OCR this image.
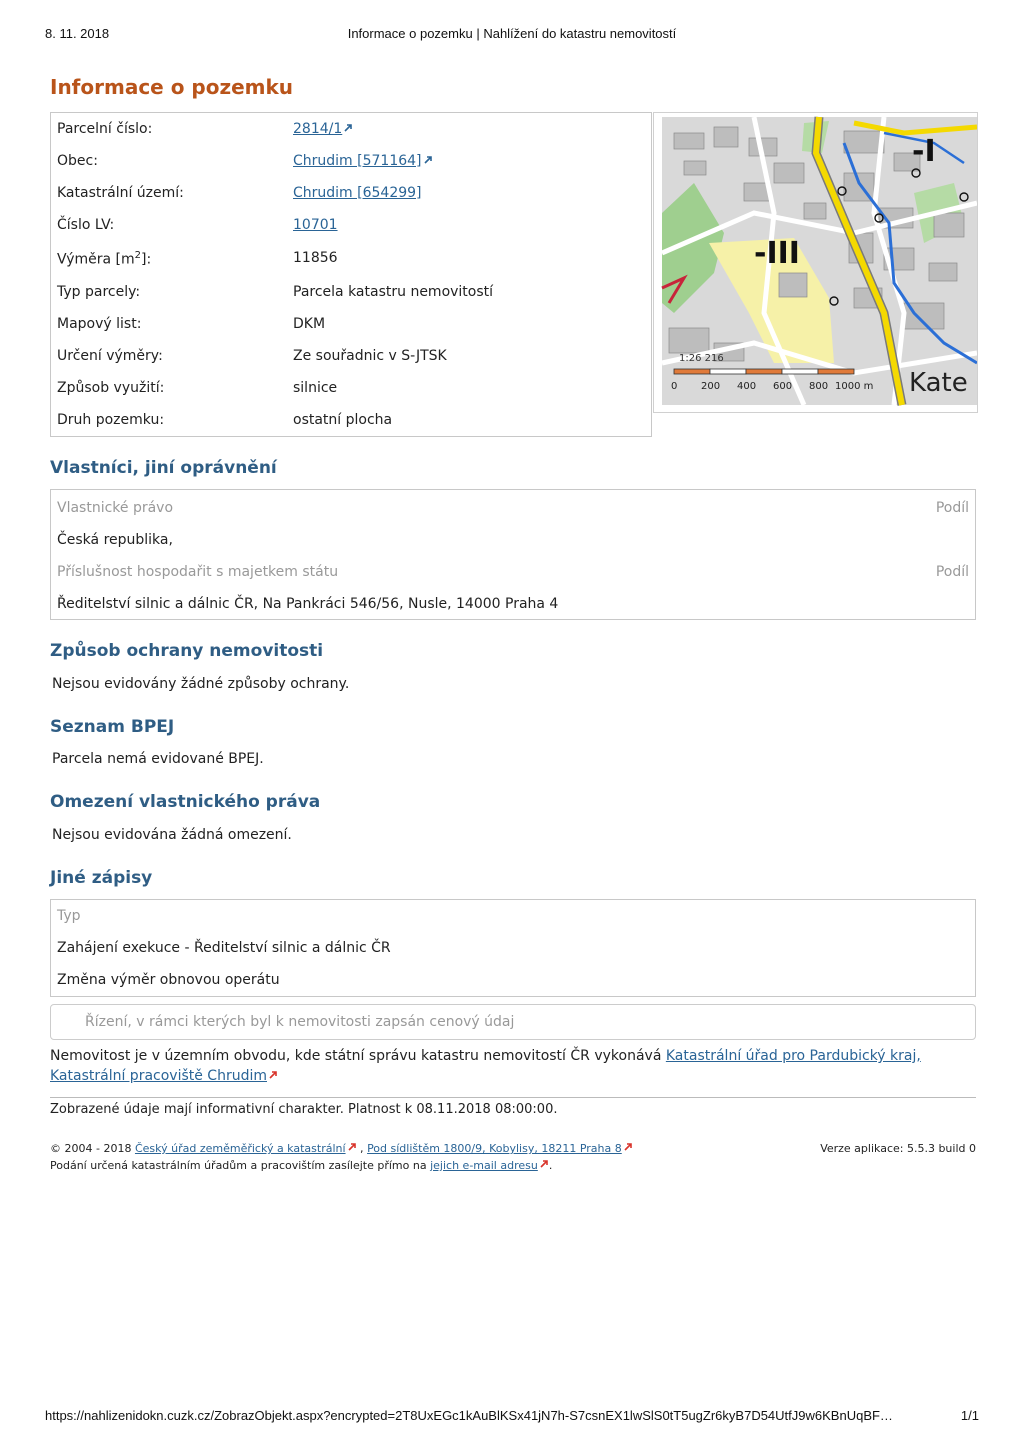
8. 11. 2018	Informace o pozemku | Nahlížení do katastru nemovitostí
Informace o pozemku
Parcelní číslo:	2814/1
Obec:	Chrudim [571164]
Katastrální území:	Chrudim [654299]
Číslo LV:	10701
Výměra $[m^2]$:	11856
Typ parcely:	Parcela katastru nemovitostí
Mapový list:	DKM
Určení výměry:	Ze souřadnic v S-JTSK
Způsob využití:	silnice
Druh pozemku:	ostatní plocha
-I
-III
Kate
1:26 216
0 200 400 600 800 1000 m
Vlastníci, jiní oprávnění
Vlastnické právo	Podíl
Česká republika,
Příslušnost hospodařit s majetkem státu	Podíl
Ředitelství silnic a dálnic ČR, Na Pankráci 546/56, Nusle, 14000 Praha 4
Způsob ochrany nemovitosti
Nejsou evidovány žádné způsoby ochrany.
Seznam BPEJ
Parcela nemá evidované BPEJ.
Omezení vlastnického práva
Nejsou evidována žádná omezení.
Jiné zápisy
Typ
Zahájení exekuce - Ředitelství silnic a dálnic ČR
Změna výměr obnovou operátu
Řízení, v rámci kterých byl k nemovitosti zapsán cenový údaj
Nemovitost je v územním obvodu, kde státní správu katastru nemovitostí ČR vykonává Katastrální úřad pro Pardubický kraj, Katastrální pracoviště Chrudim
Zobrazené údaje mají informativní charakter. Platnost k 08.11.2018 08:00:00.
© 2004 - 2018 Český úřad zeměměřický a katastrální
, Pod sídlištěm 1800/9, Kobylisy, 18211 Praha 8	Verze aplikace: 5.5.3 build 0
Podání určená katastrálním úřadům a pracovištím zasílejte přímo na jejich e-mail adresu .
https://nahlizenidokn.cuzk.cz/ZobrazObjekt.aspx?encrypted=2T8UxEGc1kAuBlKSx41jN7h-S7csnEX1lwSlS0tT5ugZr6kyB7D54UtfJ9w6KBnUqBF…	1/1
